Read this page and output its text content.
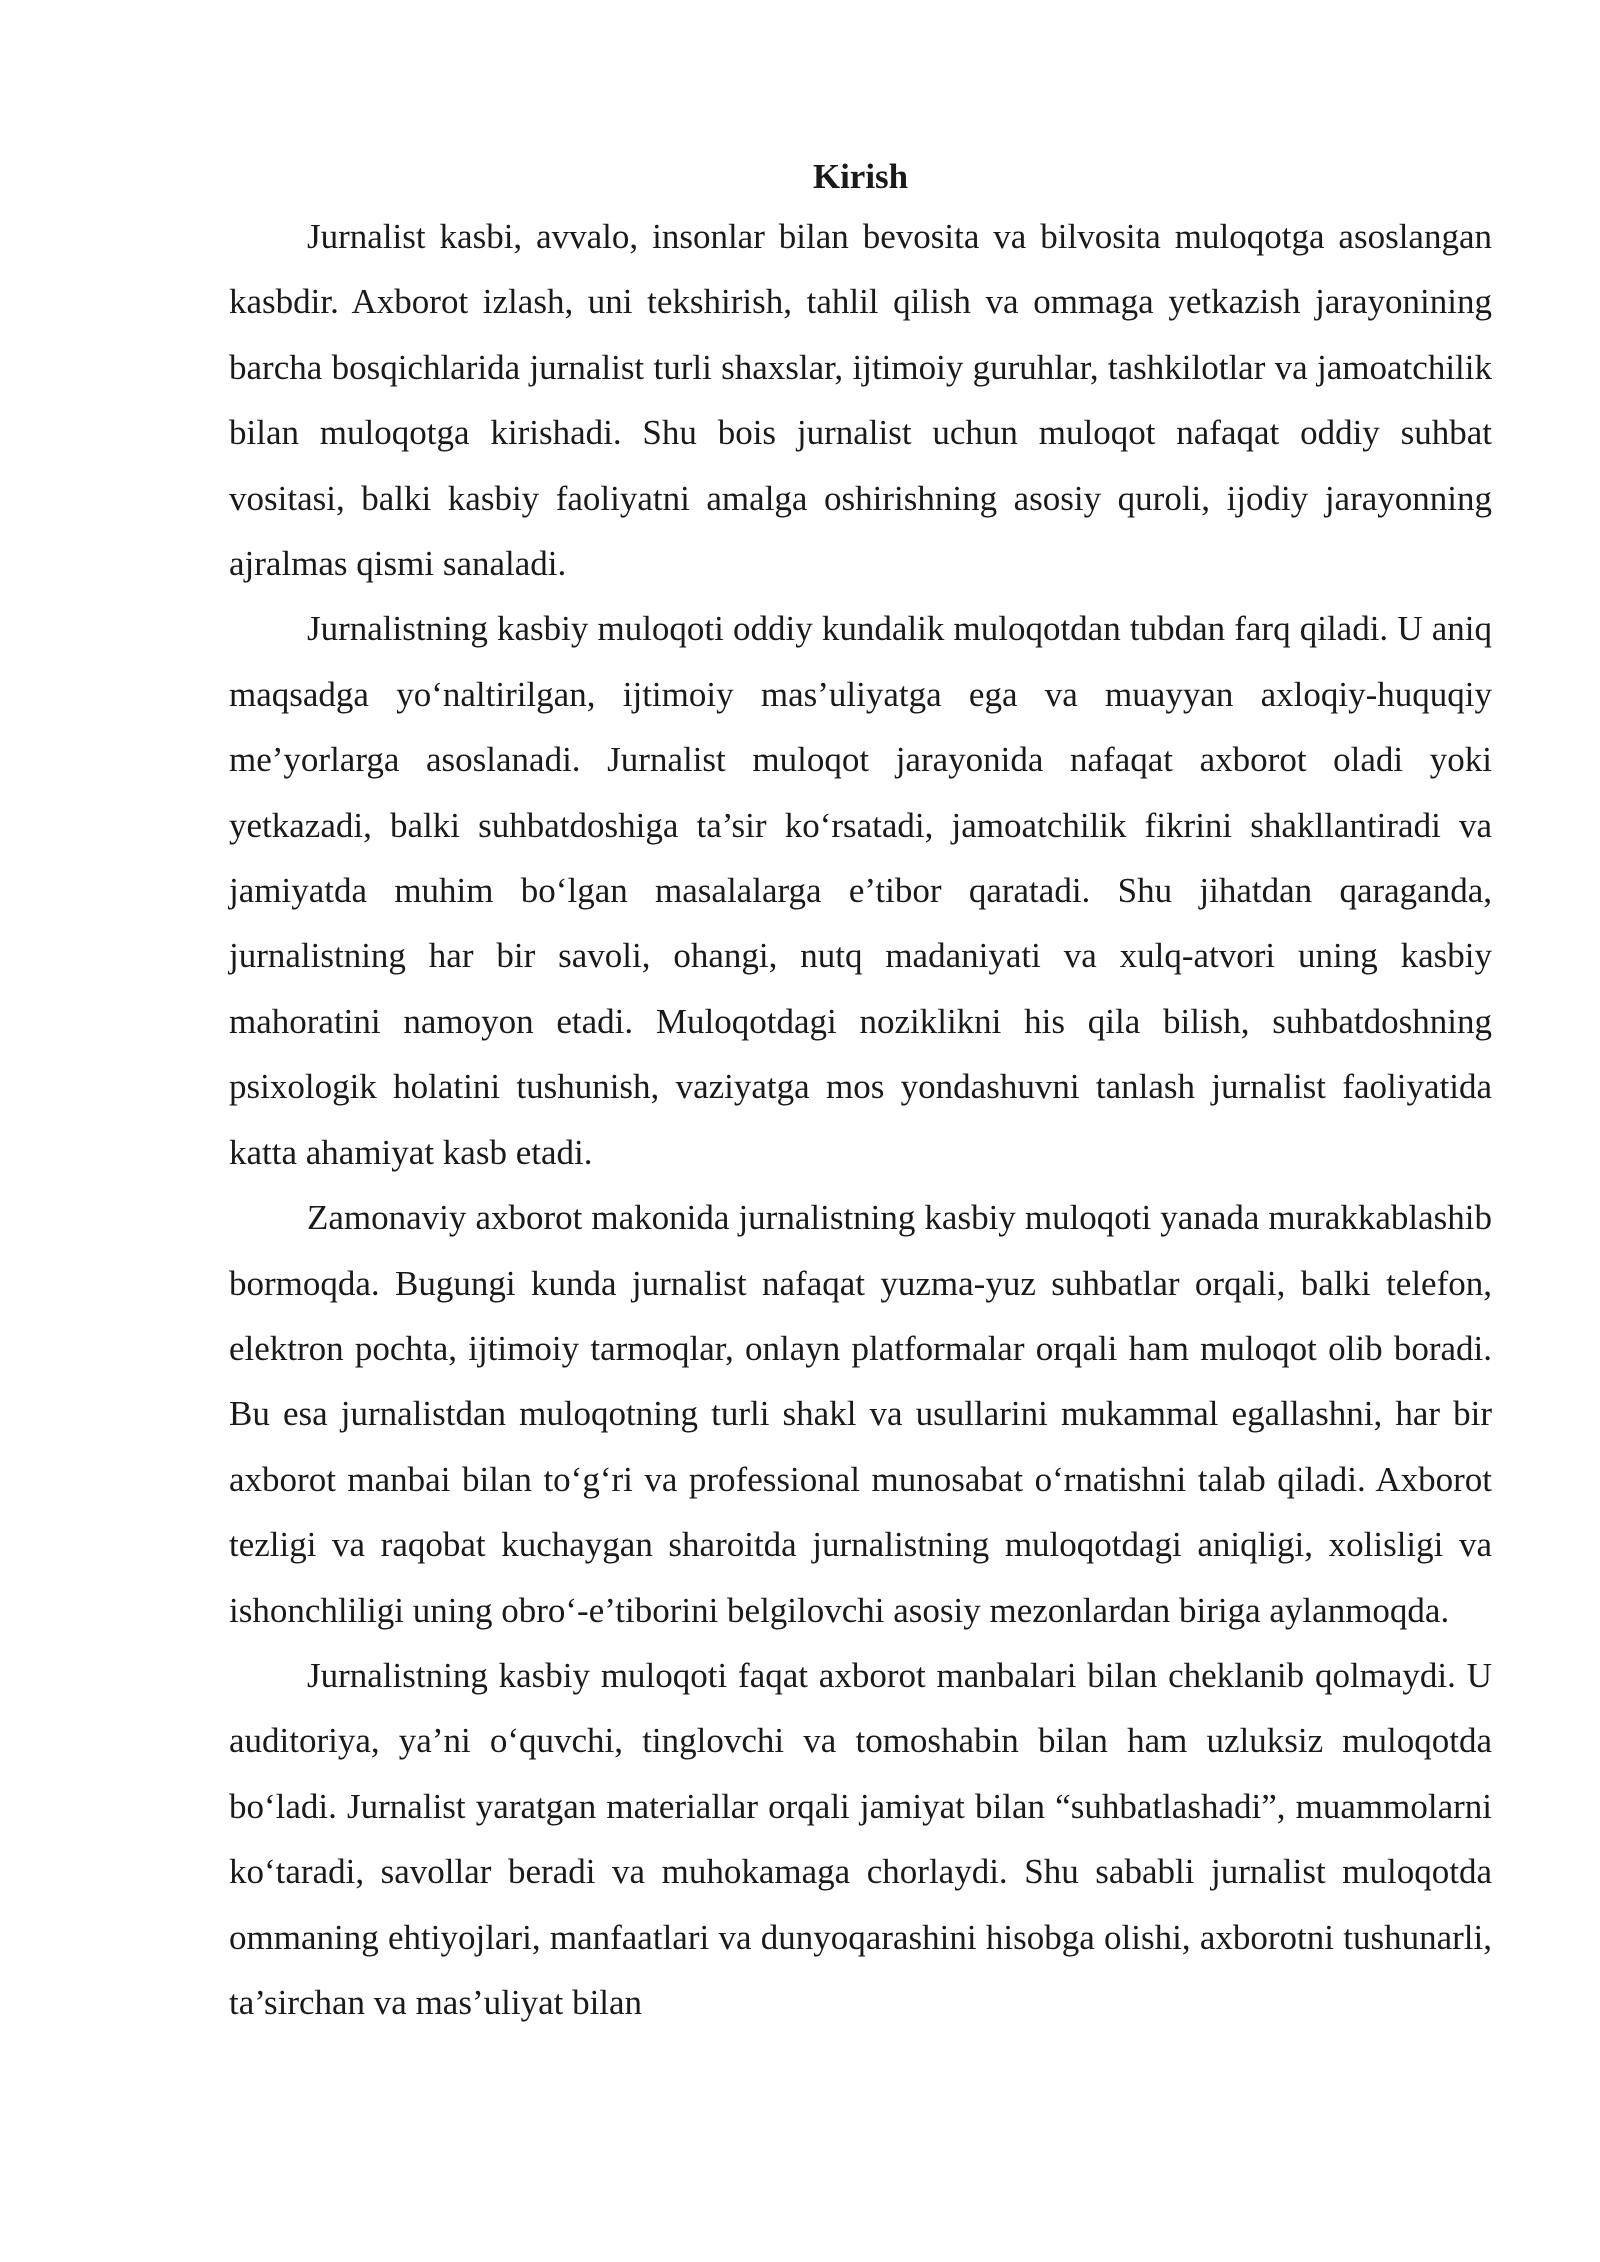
Kirish

Jurnalist kasbi, avvalo, insonlar bilan bevosita va bilvosita muloqotga asoslangan kasbdir. Axborot izlash, uni tekshirish, tahlil qilish va ommaga yetkazish jarayonining barcha bosqichlarida jurnalist turli shaxslar, ijtimoiy guruhlar, tashkilotlar va jamoatchilik bilan muloqotga kirishadi. Shu bois jurnalist uchun muloqot nafaqat oddiy suhbat vositasi, balki kasbiy faoliyatni amalga oshirishning asosiy quroli, ijodiy jarayonning ajralmas qismi sanaladi.

Jurnalistning kasbiy muloqoti oddiy kundalik muloqotdan tubdan farq qiladi. U aniq maqsadga yo‘naltirilgan, ijtimoiy mas’uliyatga ega va muayyan axloqiy-huquqiy me’yorlarga asoslanadi. Jurnalist muloqot jarayonida nafaqat axborot oladi yoki yetkazadi, balki suhbatdoshiga ta’sir ko‘rsatadi, jamoatchilik fikrini shakllantiradi va jamiyatda muhim bo‘lgan masalalarga e’tibor qaratadi. Shu jihatdan qaraganda, jurnalistning har bir savoli, ohangi, nutq madaniyati va xulq-atvori uning kasbiy mahoratini namoyon etadi. Muloqotdagi noziklikni his qila bilish, suhbatdoshning psixologik holatini tushunish, vaziyatga mos yondashuvni tanlash jurnalist faoliyatida katta ahamiyat kasb etadi.

Zamonaviy axborot makonida jurnalistning kasbiy muloqoti yanada murakkablashib bormoqda. Bugungi kunda jurnalist nafaqat yuzma-yuz suhbatlar orqali, balki telefon, elektron pochta, ijtimoiy tarmoqlar, onlayn platformalar orqali ham muloqot olib boradi. Bu esa jurnalistdan muloqotning turli shakl va usullarini mukammal egallashni, har bir axborot manbai bilan to‘g‘ri va professional munosabat o‘rnatishni talab qiladi. Axborot tezligi va raqobat kuchaygan sharoitda jurnalistning muloqotdagi aniqligi, xolisligi va ishonchliligi uning obro‘-e’tiborini belgilovchi asosiy mezonlardan biriga aylanmoqda.

Jurnalistning kasbiy muloqoti faqat axborot manbalari bilan cheklanib qolmaydi. U auditoriya, ya’ni o‘quvchi, tinglovchi va tomoshabin bilan ham uzluksiz muloqotda bo‘ladi. Jurnalist yaratgan materiallar orqali jamiyat bilan “suhbatlashadi”, muammolarni ko‘taradi, savollar beradi va muhokamaga chorlaydi. Shu sababli jurnalist muloqotda ommaning ehtiyojlari, manfaatlari va dunyoqarashini hisobga olishi, axborotni tushunarli, ta’sirchan va mas’uliyat bilan
